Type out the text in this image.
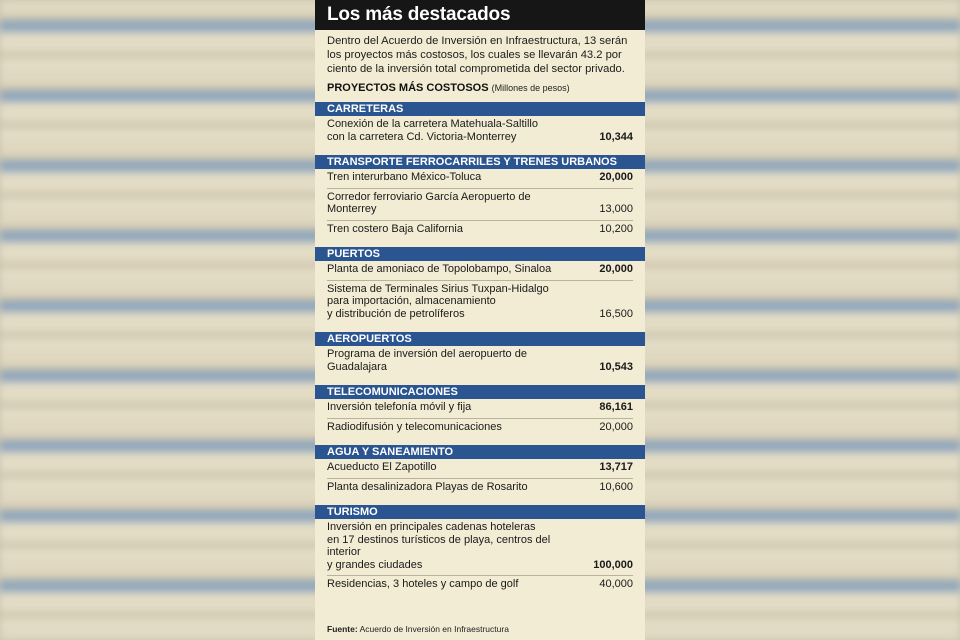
Los más destacados
Dentro del Acuerdo de Inversión en Infraestructura, 13 serán los proyectos más costosos, los cuales se llevarán 43.2 por ciento de la inversión total comprometida del sector privado.
PROYECTOS MÁS COSTOSOS (Millones de pesos)
CARRETERAS
Conexión de la carretera Matehuala-Saltillo
con la carretera Cd. Victoria-Monterrey	10,344
TRANSPORTE FERROCARRILES Y TRENES URBANOS
Tren interurbano México-Toluca	20,000
Corredor ferroviario García Aeropuerto de Monterrey	13,000
Tren costero Baja California	10,200
PUERTOS
Planta de amoniaco de Topolobampo, Sinaloa	20,000
Sistema de Terminales Sirius Tuxpan-Hidalgo
para importación, almacenamiento
y distribución de petrolíferos	16,500
AEROPUERTOS
Programa de inversión del aeropuerto de Guadalajara	10,543
TELECOMUNICACIONES
Inversión telefonía móvil y fija	86,161
Radiodifusión y telecomunicaciones	20,000
AGUA Y SANEAMIENTO
Acueducto El Zapotillo	13,717
Planta desalinizadora Playas de Rosarito	10,600
TURISMO
Inversión en principales cadenas hoteleras
en 17 destinos turísticos de playa, centros del interior
y grandes ciudades	100,000
Residencias, 3 hoteles y campo de golf	40,000
Fuente: Acuerdo de Inversión en Infraestructura
